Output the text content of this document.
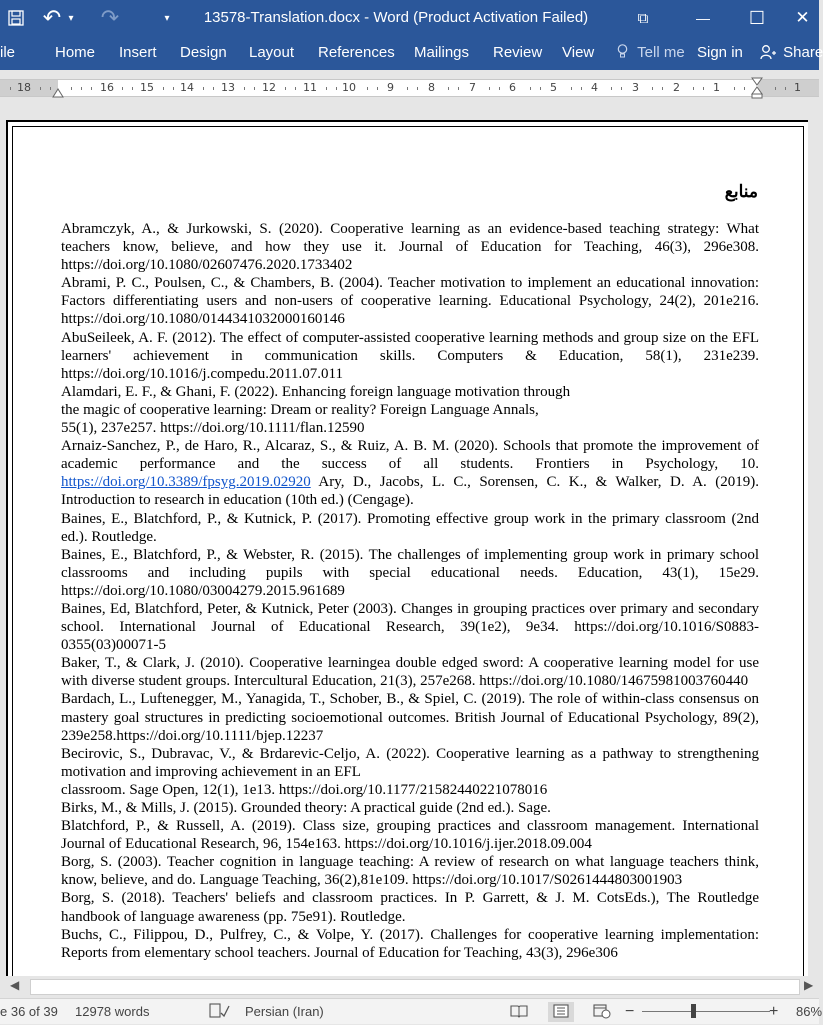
↶ ▾ ↷	▾	13578-Translation.docx - Word (Product Activation Failed)	⧉	—	☐	✕
ile	Home Insert Design Layout References Mailings Review View	Tell me Sign in	Share
18	16 15 14 13 12 11 10	9	8	7	6	5	4	3	2	1	1
منابع

Abramczyk, A., & Jurkowski, S. (2020). Cooperative learning as an evidence-based teaching strategy: What teachers know, believe, and how they use it. Journal of Education for Teaching, 46(3), 296e308. https://doi.org/10.1080/02607476.2020.1733402

Abrami, P. C., Poulsen, C., & Chambers, B. (2004). Teacher motivation to implement an educational innovation: Factors differentiating users and non-users of cooperative learning. Educational Psychology, 24(2), 201e216. https://doi.org/10.1080/0144341032000160146

AbuSeileek, A. F. (2012). The effect of computer-assisted cooperative learning methods and group size on the EFL learners' achievement in communication skills. Computers & Education, 58(1), 231e239. https://doi.org/10.1016/j.compedu.2011.07.011

Alamdari, E. F., & Ghani, F. (2022). Enhancing foreign language motivation through

the magic of cooperative learning: Dream or reality? Foreign Language Annals,

55(1), 237e257. https://doi.org/10.1111/flan.12590

Arnaiz-Sanchez, P., de Haro, R., Alcaraz, S., & Ruiz, A. B. M. (2020). Schools that promote the improvement of academic performance and the success of all students. Frontiers in Psychology, 10. https://doi.org/10.3389/fpsyg.2019.02920 Ary, D., Jacobs, L. C., Sorensen, C. K., & Walker, D. A. (2019). Introduction to research in education (10th ed.) (Cengage).

Baines, E., Blatchford, P., & Kutnick, P. (2017). Promoting effective group work in the primary classroom (2nd ed.). Routledge.

Baines, E., Blatchford, P., & Webster, R. (2015). The challenges of implementing group work in primary school classrooms and including pupils with special educational needs. Education, 43(1), 15e29. https://doi.org/10.1080/03004279.2015.961689

Baines, Ed, Blatchford, Peter, & Kutnick, Peter (2003). Changes in grouping practices over primary and secondary school. International Journal of Educational Research, 39(1e2), 9e34. https://doi.org/10.1016/S0883-0355(03)00071-5

Baker, T., & Clark, J. (2010). Cooperative learningea double edged sword: A cooperative learning model for use with diverse student groups. Intercultural Education, 21(3), 257e268. https://doi.org/10.1080/14675981003760440

Bardach, L., Luftenegger, M., Yanagida, T., Schober, B., & Spiel, C. (2019). The role of within-class consensus on mastery goal structures in predicting socioemotional outcomes. British Journal of Educational Psychology, 89(2), 239e258.https://doi.org/10.1111/bjep.12237

Becirovic, S., Dubravac, V., & Brdarevic-Celjo, A. (2022). Cooperative learning as a pathway to strengthening motivation and improving achievement in an EFL

classroom. Sage Open, 12(1), 1e13. https://doi.org/10.1177/21582440221078016

Birks, M., & Mills, J. (2015). Grounded theory: A practical guide (2nd ed.). Sage.

Blatchford, P., & Russell, A. (2019). Class size, grouping practices and classroom management. International Journal of Educational Research, 96, 154e163. https://doi.org/10.1016/j.ijer.2018.09.004

Borg, S. (2003). Teacher cognition in language teaching: A review of research on what language teachers think, know, believe, and do. Language Teaching, 36(2),81e109. https://doi.org/10.1017/S0261444803001903

Borg, S. (2018). Teachers' beliefs and classroom practices. In P. Garrett, & J. M. CotsEds.), The Routledge handbook of language awareness (pp. 75e91). Routledge.

Buchs, C., Filippou, D., Pulfrey, C., & Volpe, Y. (2017). Challenges for cooperative learning implementation: Reports from elementary school teachers. Journal of Education for Teaching, 43(3), 296e306

◀	▶
e 36 of 39 12978 words	Persian (Iran)	−	+ 86%
